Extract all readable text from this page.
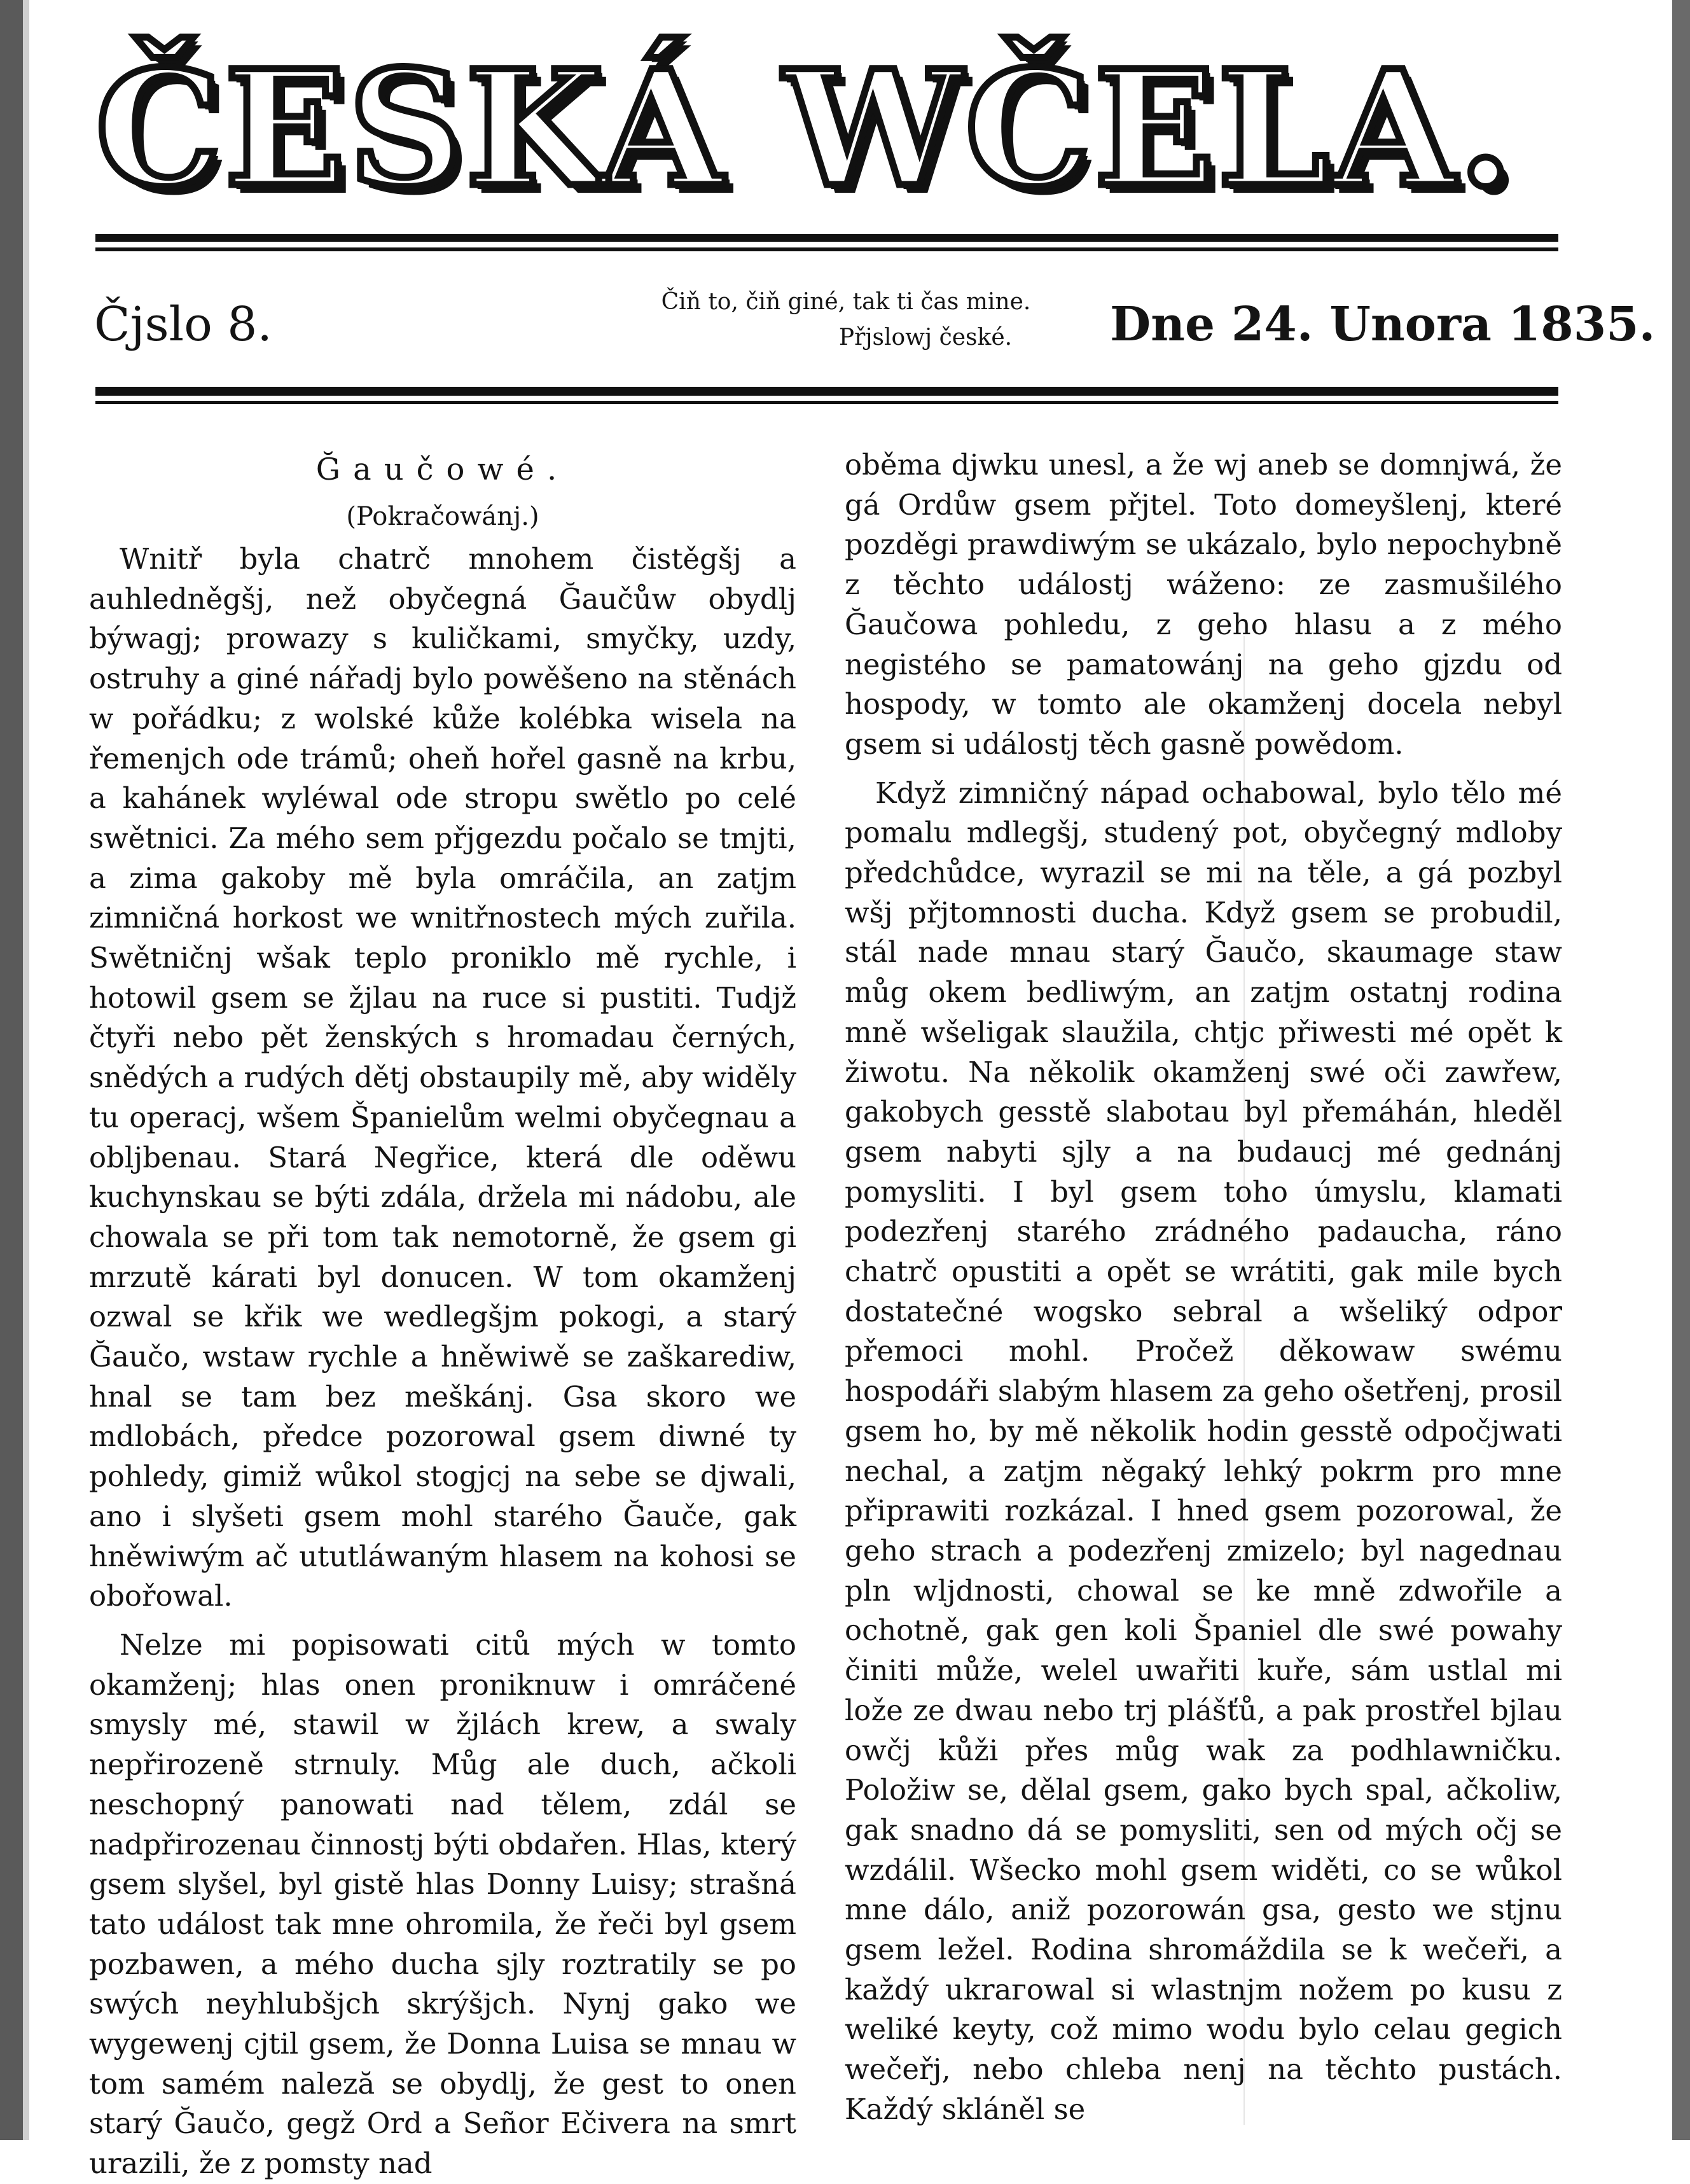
ČESKÁ WČELA.
Čjslo 8.	Čiň to, čiň giné, tak ti čas mine.
Přjslowj české.	Dne 24. Unora 1835.
Ğaučowé.
(Pokračowánj.)

Wnitř byla chatrč mnohem čistěgšj a auhledněgšj, než obyčegná Ğaučůw obydlj býwagj; prowazy s kuličkami, smyčky, uzdy, ostruhy a giné nářadj bylo powěšeno na stěnách w pořádku; z wolské kůže kolébka wisela na řemenjch ode trámů; oheň hořel gasně na krbu, a kahánek wyléwal ode stropu swětlo po celé swětnici. Za mého sem přjgezdu počalo se tmjti, a zima gakoby mě byla omráčila, an zatjm zimničná horkost we wnitřnostech mých zuřila. Swětničnj wšak teplo proniklo mě rychle, i hotowil gsem se žjlau na ruce si pustiti. Tudjž čtyři nebo pět ženských s hromadau černých, snědých a rudých dětj obstaupily mě, aby widěly tu operacj, wšem Španielům welmi obyčegnau a oblјbenau. Stará Negřice, která dle oděwu kuchynskau se býti zdála, držela mi nádobu, ale chowala se při tom tak nemotorně, že gsem gi mrzutě kárati byl donucen. W tom okamženj ozwal se křik we wedlegšjm pokogi, a starý Ğaučo, wstaw rychle a hněwiwě se zaškarediw, hnal se tam bez meškánj. Gsa skoro we mdlobách, předce pozorowal gsem diwné ty pohledy, gimiž wůkol stogjcj na sebe se djwali, ano i slyšeti gsem mohl starého Ğauče, gak hněwiwým ač ututláwaným hlasem na kohosi se obořowal.

Nelze mi popisowati citů mých w tomto okamženj; hlas onen proniknuw i omráčené smysly mé, stawil w žjlách krew, a swaly nepřirozeně strnuly. Můg ale duch, ačkoli neschopný panowati nad tělem, zdál se nadpřirozenau činnostj býti obdařen. Hlas, který gsem slyšel, byl gistě hlas Donny Luisy; strašná tato událost tak mne ohromila, že řeči byl gsem pozbawen, a mého ducha sjly roztratily se po swých neyhlubšjch skrýšjch. Nynj gako we wygewenj cjtil gsem, že Donna Luisa se mnau w tom samém naleză se obydlj, že gest to onen starý Ğaučo, gegž Ord a Señor Ečivera na smrt urazili, že z pomsty nad

oběma djwku unesl, a že wj aneb se domnjwá, že gá Ordůw gsem přjtel. Toto domeyšlenj, které pozděgi prawdiwým se ukázalo, bylo nepochybně z těchto událostj wáženo: ze zasmušilého Ğaučowa pohledu, z geho hlasu a z mého negistého se pamatowánj na geho gjzdu od hospody, w tomto ale okamženj docela nebyl gsem si událostj těch gasně powědom.

Když zimničný nápad ochabowal, bylo tělo mé pomalu mdlegšj, studený pot, obyčegný mdloby předchůdce, wyrazil se mi na těle, a gá pozbyl wšj přjtomnosti ducha. Když gsem se probudil, stál nade mnau starý Ğaučo, skaumage staw můg okem bedliwým, an zatjm ostatnj rodina mně wšeligak slaužila, chtjc přiwesti mé opět k žiwotu. Na několik okamženj swé oči zawřew, gakobych gesstě slabotau byl přemáhán, hleděl gsem nabyti sjly a na budaucj mé gednánj pomysliti. I byl gsem toho úmyslu, klamati podezřenj starého zrádného padaucha, ráno chatrč opustiti a opět se wrátiti, gak mile bych dostatečné wogsko sebral a wšeliký odpor přemoci mohl. Pročež děkowaw swému hospodáři slabým hlasem za geho ošetřenj, prosil gsem ho, by mě několik hodin gesstě odpočjwati nechal, a zatjm něgaký lehký pokrm pro mne připrawiti rozkázal. I hned gsem pozorowal, že geho strach a podezřenj zmizelo; byl nagednau pln wljdnosti, chowal se ke mně zdwořile a ochotně, gak gen koli Španiel dle swé powahy činiti může, welel uwařiti kuře, sám ustlal mi lože ze dwau nebo trj plášťů, a pak prostřel bjlau owčj kůži přes můg wak za podhlawničku. Položiw se, dělal gsem, gako bych spal, ačkoliw, gak snadno dá se pomysliti, sen od mých očj se wzdálil. Wšecko mohl gsem widěti, co se wůkol mne dálo, aniž pozorowán gsa, gesto we stjnu gsem ležel. Rodina shromáždila se k wečeři, a každý ukrагowal si wlastnjm nožem po kusu z weliké keyty, což mimo wodu bylo celau gegich wečeřj, nebo chleba nenj na těchto pustách. Každý skláněl se
